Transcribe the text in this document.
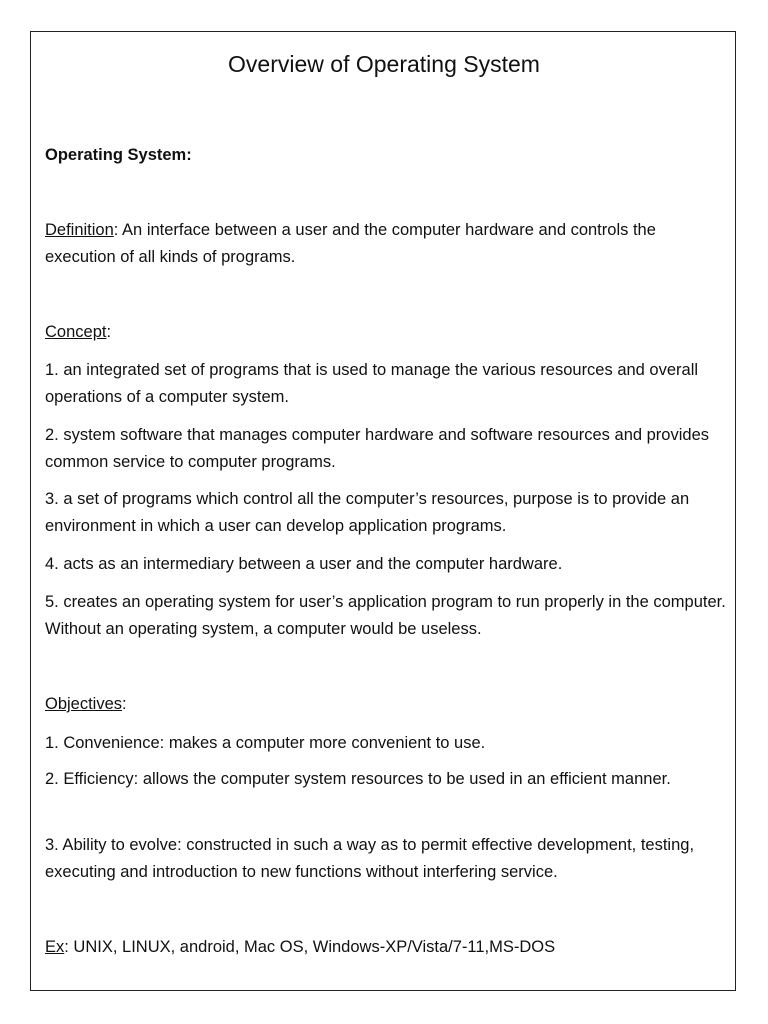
Overview of Operating System
Operating System:
Definition: An interface between a user and the computer hardware and controls the execution of all kinds of programs.
Concept:
1. an integrated set of programs that is used to manage the various resources and overall operations of a computer system.
2. system software that manages computer hardware and software resources and provides common service to computer programs.
3. a set of programs which control all the computer’s resources, purpose is to provide an environment in which a user can develop application programs.
4. acts as an intermediary between a user and the computer hardware.
5. creates an operating system for user’s application program to run properly in the computer. Without an operating system, a computer would be useless.
Objectives:
1. Convenience: makes a computer more convenient to use.
2. Efficiency: allows the computer system resources to be used in an efficient manner.
3. Ability to evolve: constructed in such a way as to permit effective development, testing, executing and introduction to new functions without interfering service.
Ex: UNIX, LINUX, android, Mac OS, Windows-XP/Vista/7-11,MS-DOS
